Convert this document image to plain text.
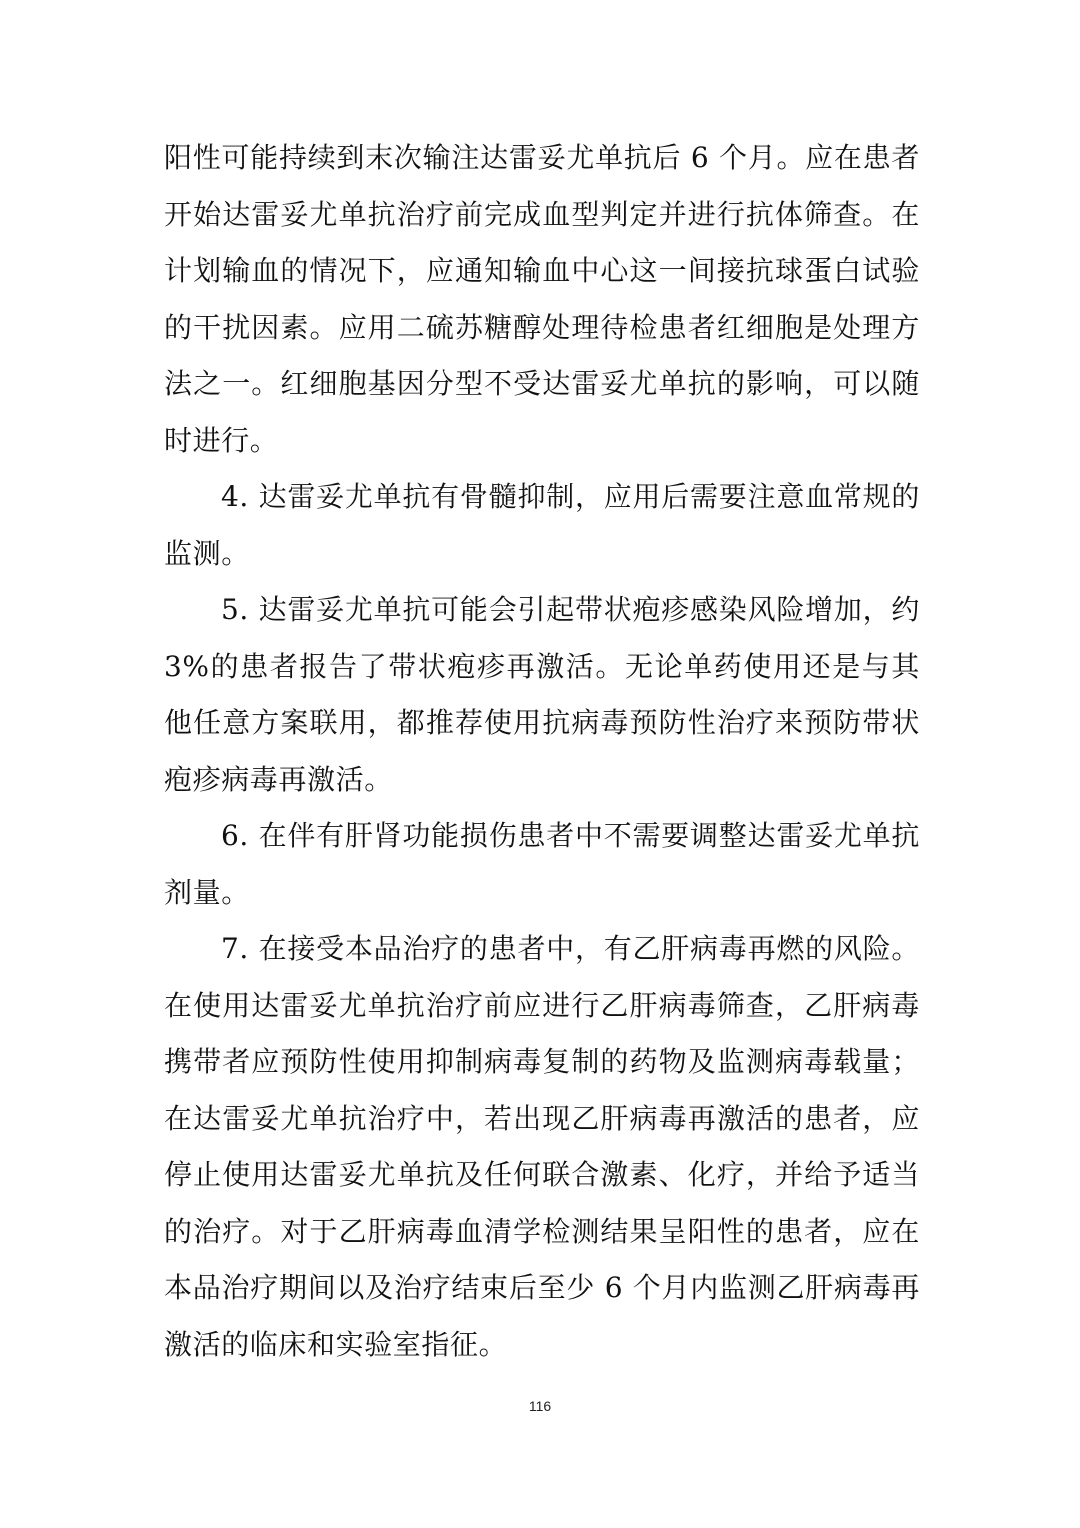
阳性可能持续到末次输注达雷妥尤单抗后 6 个月。应在患者开始达雷妥尤单抗治疗前完成血型判定并进行抗体筛查。在计划输血的情况下，应通知输血中心这一间接抗球蛋白试验的干扰因素。应用二硫苏糖醇处理待检患者红细胞是处理方法之一。红细胞基因分型不受达雷妥尤单抗的影响，可以随时进行。

4. 达雷妥尤单抗有骨髓抑制，应用后需要注意血常规的监测。

5. 达雷妥尤单抗可能会引起带状疱疹感染风险增加，约3%的患者报告了带状疱疹再激活。无论单药使用还是与其他任意方案联用，都推荐使用抗病毒预防性治疗来预防带状疱疹病毒再激活。

6. 在伴有肝肾功能损伤患者中不需要调整达雷妥尤单抗剂量。

7. 在接受本品治疗的患者中，有乙肝病毒再燃的风险。在使用达雷妥尤单抗治疗前应进行乙肝病毒筛查，乙肝病毒携带者应预防性使用抑制病毒复制的药物及监测病毒载量；在达雷妥尤单抗治疗中，若出现乙肝病毒再激活的患者，应停止使用达雷妥尤单抗及任何联合激素、化疗，并给予适当的治疗。对于乙肝病毒血清学检测结果呈阳性的患者，应在本品治疗期间以及治疗结束后至少 6 个月内监测乙肝病毒再激活的临床和实验室指征。

116
